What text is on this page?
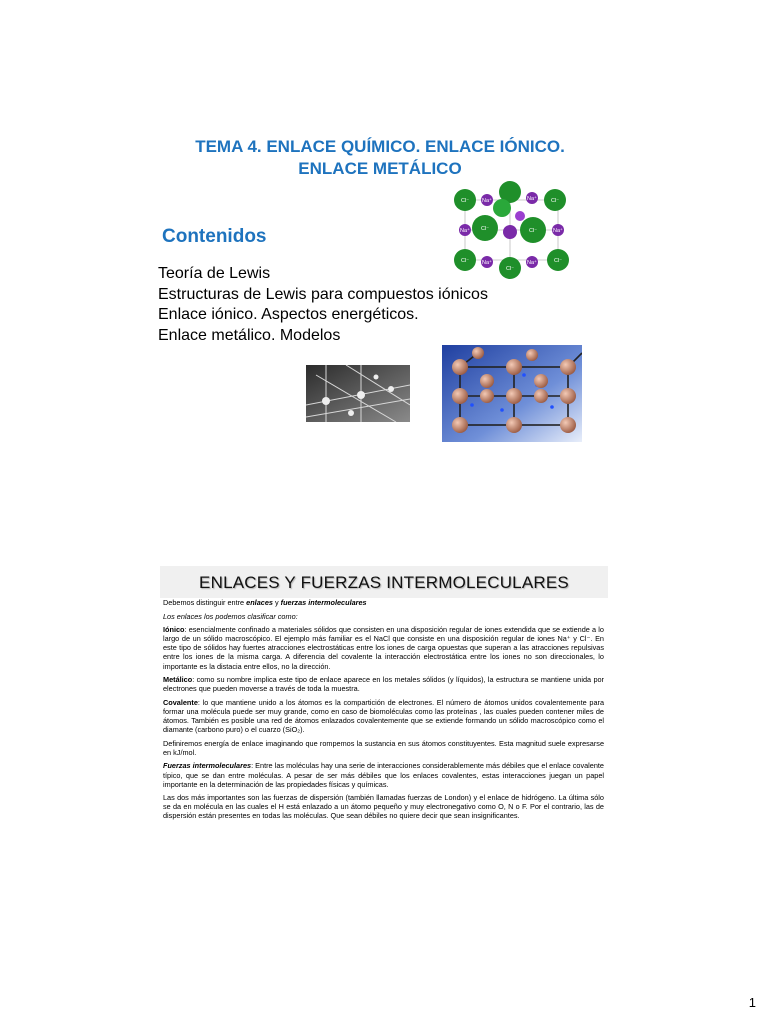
TEMA 4. ENLACE QUÍMICO. ENLACE IÓNICO.
ENLACE METÁLICO
Contenidos
Teoría de Lewis
Estructuras de Lewis para compuestos iónicos
Enlace iónico. Aspectos energéticos.
Enlace metálico. Modelos
Cl⁻	Cl⁻
Cl⁻	Cl⁻
Cl⁻
Cl⁻
Cl⁻
Na⁺	Na⁺
Na⁺	Na⁺
Na⁺	Na⁺
ENLACES Y FUERZAS INTERMOLECULARES

Debemos distinguir entre enlaces y fuerzas intermoleculares

Los enlaces los podemos clasificar como:

Iónico: esencialmente confinado a materiales sólidos que consisten en una disposición regular de iones extendida que se extiende a lo largo de un sólido macroscópico. El ejemplo más familiar es el NaCl que consiste en una disposición regular de iones Na⁺ y Cl⁻. En este tipo de sólidos hay fuertes atracciones electrostáticas entre los iones de carga opuestas que superan a las atracciones repulsivas entre los iones de la misma carga. A diferencia del covalente la interacción electrostática entre los iones no son direccionales, lo importante es la distacia entre ellos, no la dirección.

Metálico: como su nombre implica este tipo de enlace aparece en los metales sólidos (y líquidos), la estructura se mantiene unida por electrones que pueden moverse a través de toda la muestra.

Covalente: lo que mantiene unido a los átomos es la compartición de electrones. El número de átomos unidos covalentemente para formar una molécula puede ser muy grande, como en caso de biomoléculas como las proteínas , las cuales pueden contener miles de átomos. También es posible una red de átomos enlazados covalentemente que se extiende formando un sólido macroscópico como el diamante (carbono puro) o el cuarzo (SiO₂).

Definiremos energía de enlace imaginando que rompemos la sustancia en sus átomos constituyentes. Esta magnitud suele expresarse en kJ/mol.

Fuerzas intermoleculares: Entre las moléculas hay una serie de interacciones considerablemente más débiles que el enlace covalente típico, que se dan entre moléculas. A pesar de ser más débiles que los enlaces covalentes, estas interacciones juegan un papel importante en la determinación de las propiedades físicas y químicas.

Las dos más importantes son las fuerzas de dispersión (también llamadas fuerzas de London) y el enlace de hidrógeno. La última sólo se da en molécula en las cuales el H está enlazado a un átomo pequeño y muy electronegativo como O, N o F. Por el contrario, las de dispersión están presentes en todas las moléculas. Que sean débiles no quiere decir que sean insignificantes.

1
